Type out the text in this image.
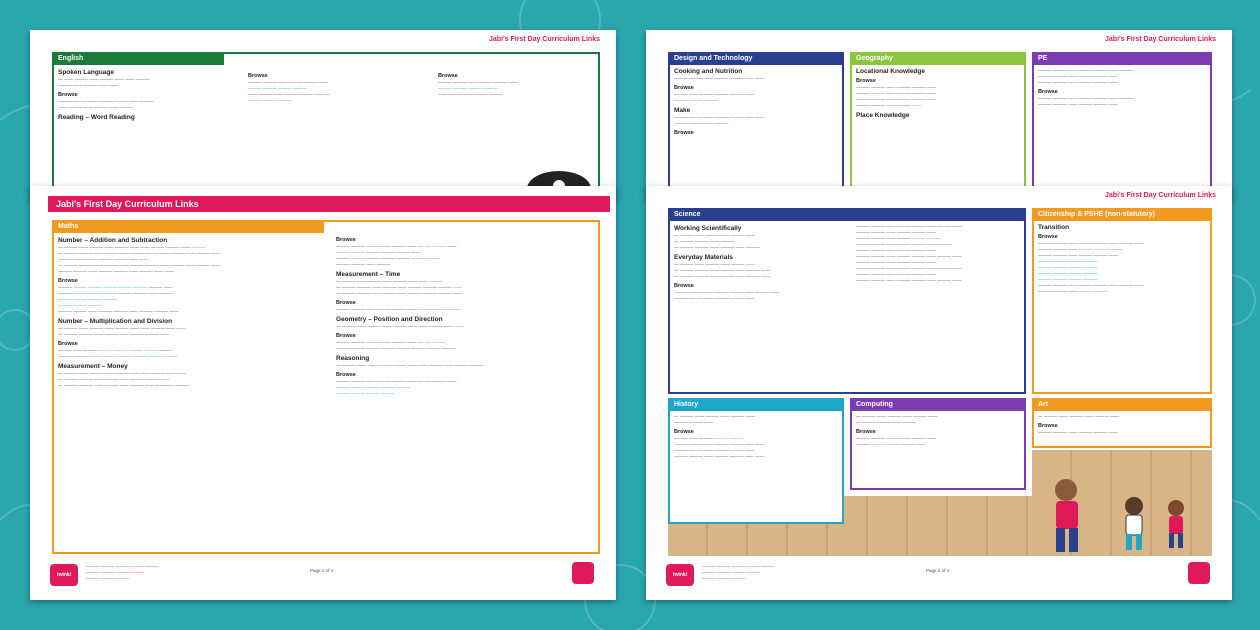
Jabi's First Day Curriculum Links
English
Spoken Language
— —— ——— —— ——— —— —— ———
——— —— ——— —— ——
Browse
——— ——— —— ——— ——— —— ———
—— ——— —— ——— —— ———
Reading – Word Reading
Browse
——— ——— —— ——— ——— ——
——— ——— ——— ———
—— ——— —— ——— ——— —— —
——— ——— ———
Browse
——— ——— —— ——— ——— ——
——— ——— ——— ———
—— ——— —— ——— ———
Jabi's First Day Curriculum Links
Maths
Number – Addition and Subtraction
— ——— —— ——— —— ——— —— —— ——— ——— —— ———
— ——— ——— —— ——— —— ——— ——— —— ——— —— ——— ——
——— ——— —— ——— ——— —— ——
— ——— ——— —— ——— —— ——— ——— —— ——— —— ——— ——
——— ——— —— ——— ——— —— ——— —— ——
Browse
——— ——— ——— ——— ——— ——— ——— ——
——— ——— ——— ——— ——— ——— —— ———
——— ——— ——— ———
——— ——— ———
——— ——— —— ——— ——— —— ——— ——— ——
Number – Multiplication and Division
— ——— —— ——— —— ——— —— —— ——— —— ——
— ——— ——— —— ——— —— ——— ——— ——
Browse
——— ——— —— ——— ——— ——— ——— ———
——— ——— ——— ——— ——— ——— ——— ———
Measurement – Money
— ——— —— ——— —— ——— —— —— ——— —— ——
— ——— ——— —— ——— —— ——— ——— ——
— ——— ——— —— ——— —— ——— ——— ——— ———
Browse
——— ——— —— ——— ——— —— ——— ——— ——
——— ——— ——— ——— ——— ——
——— ——— ——— ——— ——— ——— ———
——— ——— —— ———
Measurement – Time
— ——— —— ——— —— ——— —— —— ———
— ——— ——— —— ——— —— ——— ——— ——— ——
— ——— ——— —— ——— —— ——— ——— ——— ——
Browse
——— ——— —— ——— ——— —— ——— ——— ———
Geometry – Position and Direction
— ——— —— ——— —— ——— —— —— ——— —— ——
Browse
——— ——— —— ——— ——— —— ——— ———
——— ——— ——— ——— ——— ——— ——— ———
Reasoning
— ——— —— ——— —— ——— —— —— ——— —— ——— ———
Browse
——— ——— —— ——— ——— —— ——— ——— ——
——— ——— ——— ——— ———
——— ——— ——— ———
twinkl
——— ——— ——— ——— ———
——— ——— ——— ———
——— ——— ———
Page 1 of 4
Jabi's First Day Curriculum Links
Design and Technology
Cooking and Nutrition
——— ——— —— ——— ——— —— ——
Browse
——— ——— —— ——— ——— ——
——— ——— ———
Make
——— ——— —— ——— ——— —— ——
——— ——— —— ———
Browse
Geography
Locational Knowledge
Browse
——— ——— —— ——— ——— ——
——— ——— —— ——— ——— ——
——— ——— —— ——— ——— ——
——— ——— —— ——— ——
Place Knowledge
PE
——— ——— —— ——— ——— —— ———
——— ——— —— ——— ——— ——
——— ——— —— ——— ——— ——
Browse
——— ——— —— ——— ——— —— ———
——— ——— —— ——— ——— ——
Jabi's First Day Curriculum Links
Science
Working Scientifically
— ——— —— ——— —— ——— ——
— ——— ——— —— ———
— ——— ——— —— ——— —— ———
Everyday Materials
— ——— —— ——— —— ——— ——
— ——— ——— —— ——— —— ——— ——
— ——— ——— —— ——— —— ——— ——
Browse
——— ——— —— ——— ——— —— ——— ——
——— ——— —— ——— ——— ——
——— ——— —— ——— ——— —— ——— ——
——— ——— —— ——— ——— ——
——— ——— —— ——— ——— ———
——— ——— —— ——— ——— —— ———
——— ——— —— ——— ——— ——
——— ——— —— ——— ——— —— ——— ——
——— ——— —— ——— ——— ——
——— ——— —— ——— ——— —— ——— ——
——— ——— —— ——— ——— ——
——— ——— —— ——— ——— —— ——— ——
Citizenship & PSHE (non-statutory)
Transition
Browse
——— ——— —— ——— ——— —— ——— ——
——— ——— —— ——— ——— ———
——— ——— —— ——— ——— ——
——— ——— ——— ———
——— ——— ——— ———
——— ——— ——— ———
——— ——— ——— ———
——— ——— —— ——— ——— —— ——— ——
——— ——— —— ——— ———
History
— ——— —— ——— —— ——— ——
——— ——— ——
Browse
——— ——— —— ——— ———
——— ——— —— ——— ——— —— ——
——— ——— —— ——— ——— ——
——— ——— —— ——— ——— —— ——
Computing
— ——— —— ——— —— ——— ——
— ——— ——— —— ———
Browse
——— ——— —— ——— ——— ——
——— ——— ——— ——— ——
Art
— ——— —— ——— —— ——— ——
Browse
——— ——— —— ——— ——— ——
twinkl
——— ——— ——— ——— ———
——— ——— ——— ———
——— ——— ———
Page 2 of 4
